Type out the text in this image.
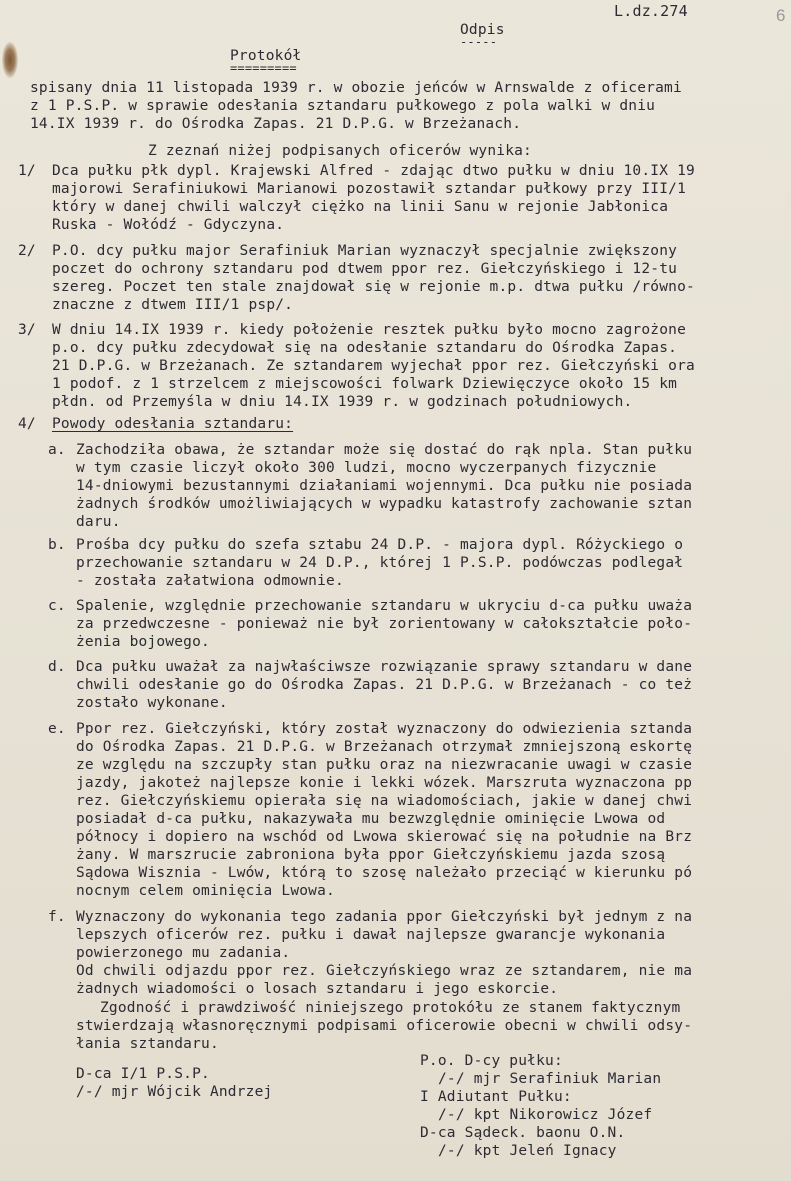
L.dz.274	6
Odpis
-----
Protokół
=========
spisany dnia 11 listopada 1939 r. w obozie jeńców w Arnswalde z oficerami
z 1 P.S.P. w sprawie odesłania sztandaru pułkowego z pola walki w dniu
14.IX 1939 r. do Ośrodka Zapas. 21 D.P.G. w Brzeżanach.
Z zeznań niżej podpisanych oficerów wynika:
1/ Dca pułku płk dypl. Krajewski Alfred - zdając dtwo pułku w dniu 10.IX 19
majorowi Serafiniukowi Marianowi pozostawił sztandar pułkowy przy III/1
który w danej chwili walczył ciężko na linii Sanu w rejonie Jabłonica
Ruska - Wołódź - Gdyczyna.
2/ P.O. dcy pułku major Serafiniuk Marian wyznaczył specjalnie zwiększony
poczet do ochrony sztandaru pod dtwem ppor rez. Giełczyńskiego i 12-tu
szereg. Poczet ten stale znajdował się w rejonie m.p. dtwa pułku /równo-
znaczne z dtwem III/1 psp/.
3/ W dniu 14.IX 1939 r. kiedy położenie resztek pułku było mocno zagrożone
p.o. dcy pułku zdecydował się na odesłanie sztandaru do Ośrodka Zapas.
21 D.P.G. w Brzeżanach. Ze sztandarem wyjechał ppor rez. Giełczyński ora
1 podof. z 1 strzelcem z miejscowości folwark Dziewięczyce około 15 km
płdn. od Przemyśla w dniu 14.IX 1939 r. w godzinach południowych.
4/ Powody odesłania sztandaru:
a. Zachodziła obawa, że sztandar może się dostać do rąk npla. Stan pułku
w tym czasie liczył około 300 ludzi, mocno wyczerpanych fizycznie
14-dniowymi bezustannymi działaniami wojennymi. Dca pułku nie posiada
żadnych środków umożliwiających w wypadku katastrofy zachowanie sztan
daru.
b. Prośba dcy pułku do szefa sztabu 24 D.P. - majora dypl. Różyckiego o
przechowanie sztandaru w 24 D.P., której 1 P.S.P. podówczas podlegał
- została załatwiona odmownie.
c. Spalenie, względnie przechowanie sztandaru w ukryciu d-ca pułku uważa
za przedwczesne - ponieważ nie był zorientowany w całokształcie poło-
żenia bojowego.
d. Dca pułku uważał za najwłaściwsze rozwiązanie sprawy sztandaru w dane
chwili odesłanie go do Ośrodka Zapas. 21 D.P.G. w Brzeżanach - co też
zostało wykonane.
e. Ppor rez. Giełczyński, który został wyznaczony do odwiezienia sztanda
do Ośrodka Zapas. 21 D.P.G. w Brzeżanach otrzymał zmniejszoną eskortę
ze względu na szczupły stan pułku oraz na niezwracanie uwagi w czasie
jazdy, jakoteż najlepsze konie i lekki wózek. Marszruta wyznaczona pp
rez. Giełczyńskiemu opierała się na wiadomościach, jakie w danej chwi
posiadał d-ca pułku, nakazywała mu bezwzględnie ominięcie Lwowa od
północy i dopiero na wschód od Lwowa skierować się na południe na Brz
żany. W marszrucie zabroniona była ppor Giełczyńskiemu jazda szosą
Sądowa Wisznia - Lwów, którą to szosę należało przeciąć w kierunku pó
nocnym celem ominięcia Lwowa.
f. Wyznaczony do wykonania tego zadania ppor Giełczyński był jednym z na
lepszych oficerów rez. pułku i dawał najlepsze gwarancje wykonania
powierzonego mu zadania.
Od chwili odjazdu ppor rez. Giełczyńskiego wraz ze sztandarem, nie ma
żadnych wiadomości o losach sztandaru i jego eskorcie.
Zgodność i prawdziwość niniejszego protokółu ze stanem faktycznym
stwierdzają własnoręcznymi podpisami oficerowie obecni w chwili odsy-
łania sztandaru.
D-ca I/1 P.S.P.
/-/ mjr Wójcik Andrzej
P.o. D-cy pułku:
/-/ mjr Serafiniuk Marian
I Adiutant Pułku:
/-/ kpt Nikorowicz Józef
D-ca Sądeck. baonu O.N.
/-/ kpt Jeleń Ignacy
